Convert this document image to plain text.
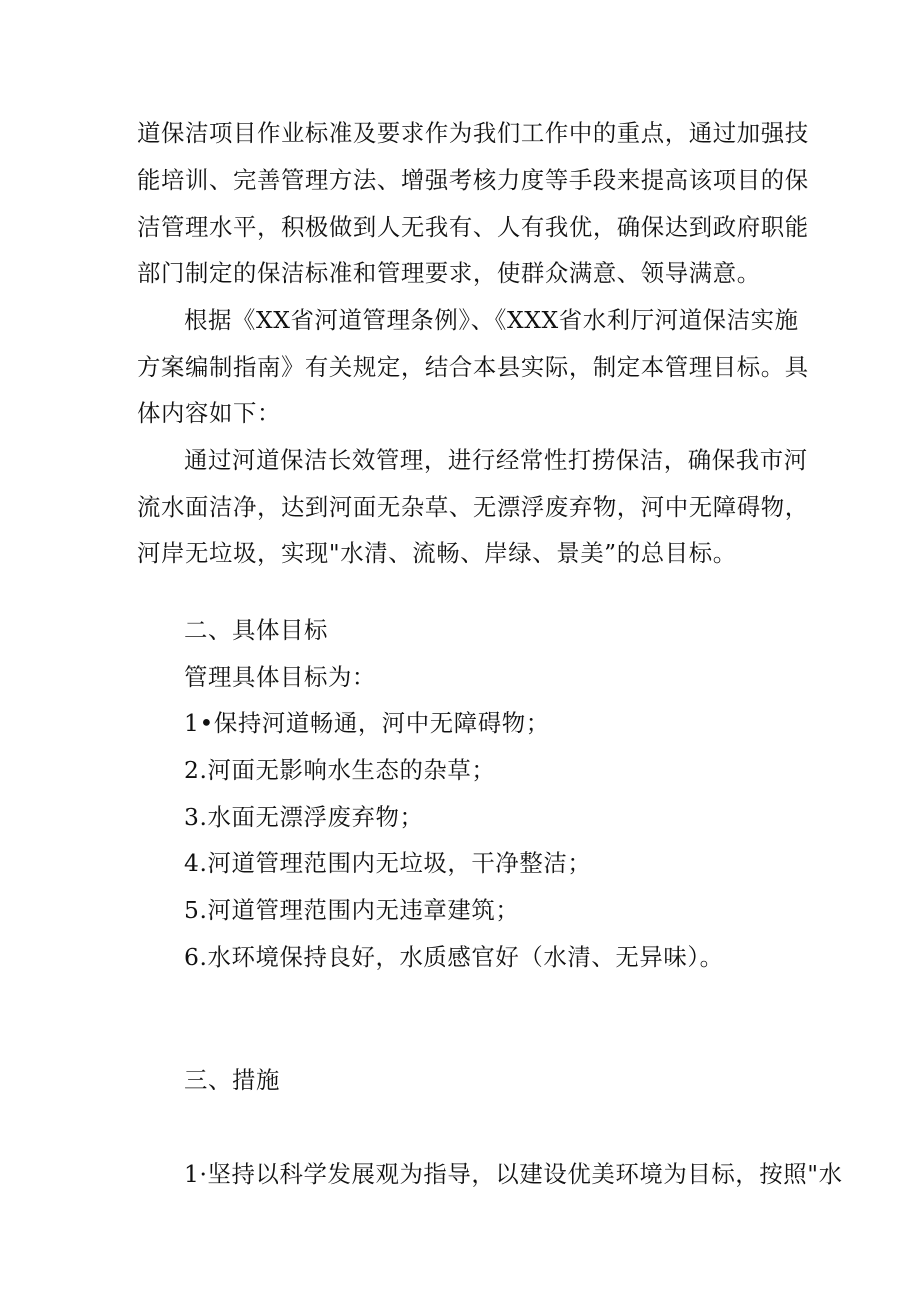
道保洁项目作业标准及要求作为我们工作中的重点，通过加强技
能培训、完善管理方法、增强考核力度等手段来提高该项目的保
洁管理水平，积极做到人无我有、人有我优，确保达到政府职能
部门制定的保洁标准和管理要求，使群众满意、领导满意。
根据《XX省河道管理条例》、《XXX省水利厅河道保洁实施
方案编制指南》有关规定，结合本县实际，制定本管理目标。具
体内容如下：
通过河道保洁长效管理，进行经常性打捞保洁，确保我市河
流水面洁净，达到河面无杂草、无漂浮废弃物，河中无障碍物，
河岸无垃圾，实现"水清、流畅、岸绿、景美”的总目标。
二、具体目标
管理具体目标为：
1•保持河道畅通，河中无障碍物；
2.河面无影响水生态的杂草；
3.水面无漂浮废弃物；
4.河道管理范围内无垃圾，干净整洁；
5.河道管理范围内无违章建筑；
6.水环境保持良好，水质感官好（水清、无异味）。
三、措施
1·坚持以科学发展观为指导，以建设优美环境为目标，按照"水
